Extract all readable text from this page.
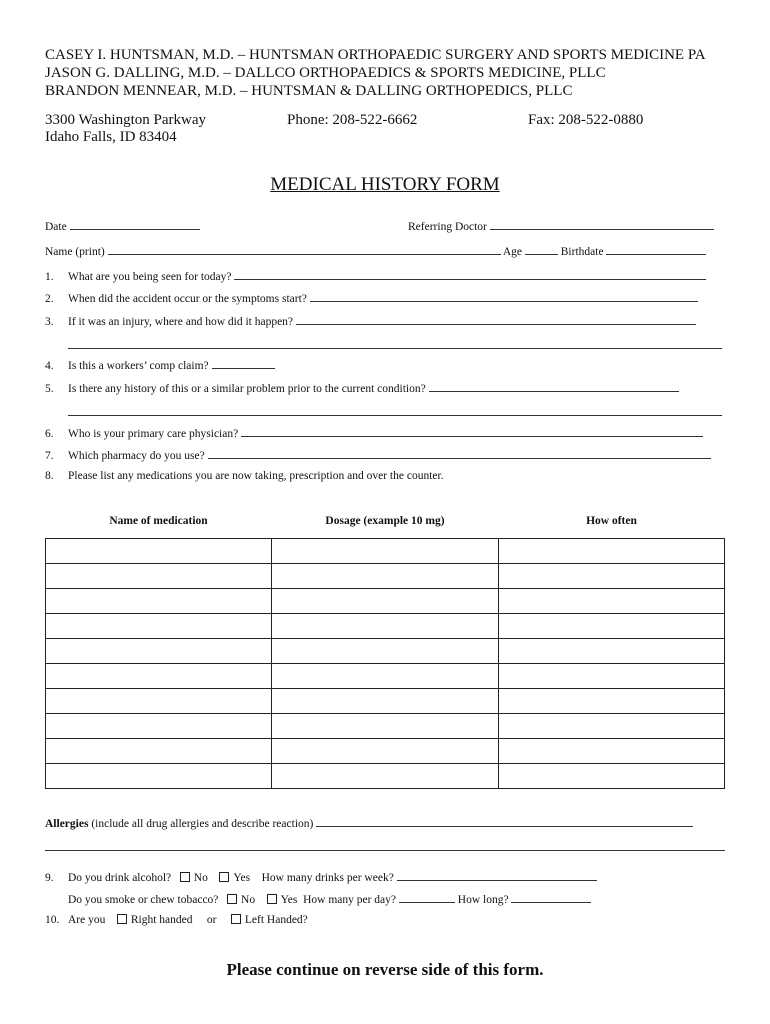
CASEY I. HUNTSMAN, M.D. – HUNTSMAN ORTHOPAEDIC SURGERY AND SPORTS MEDICINE PA
JASON G. DALLING, M.D. – DALLCO ORTHOPAEDICS & SPORTS MEDICINE, PLLC
BRANDON MENNEAR, M.D. – HUNTSMAN & DALLING ORTHOPEDICS, PLLC
3300 Washington Parkway
Idaho Falls, ID 83404
Phone: 208-522-6662	Fax: 208-522-0880
MEDICAL HISTORY FORM
Date	Referring Doctor
Name (print)	Age	Birthdate
1. What are you being seen for today?
2. When did the accident occur or the symptoms start?
3. If it was an injury, where and how did it happen?
4. Is this a workers’ comp claim?
5. Is there any history of this or a similar problem prior to the current condition?
6. Who is your primary care physician?
7. Which pharmacy do you use?
8. Please list any medications you are now taking, prescription and over the counter.
Name of medication	Dosage (example 10 mg)	How often

Allergies (include all drug allergies and describe reaction)
9. Do you drink alcohol? No Yes How many drinks per week?
Do you smoke or chew tobacco? No Yes How many per day?	How long?
10. Are you Right handed or Left Handed?
Please continue on reverse side of this form.
